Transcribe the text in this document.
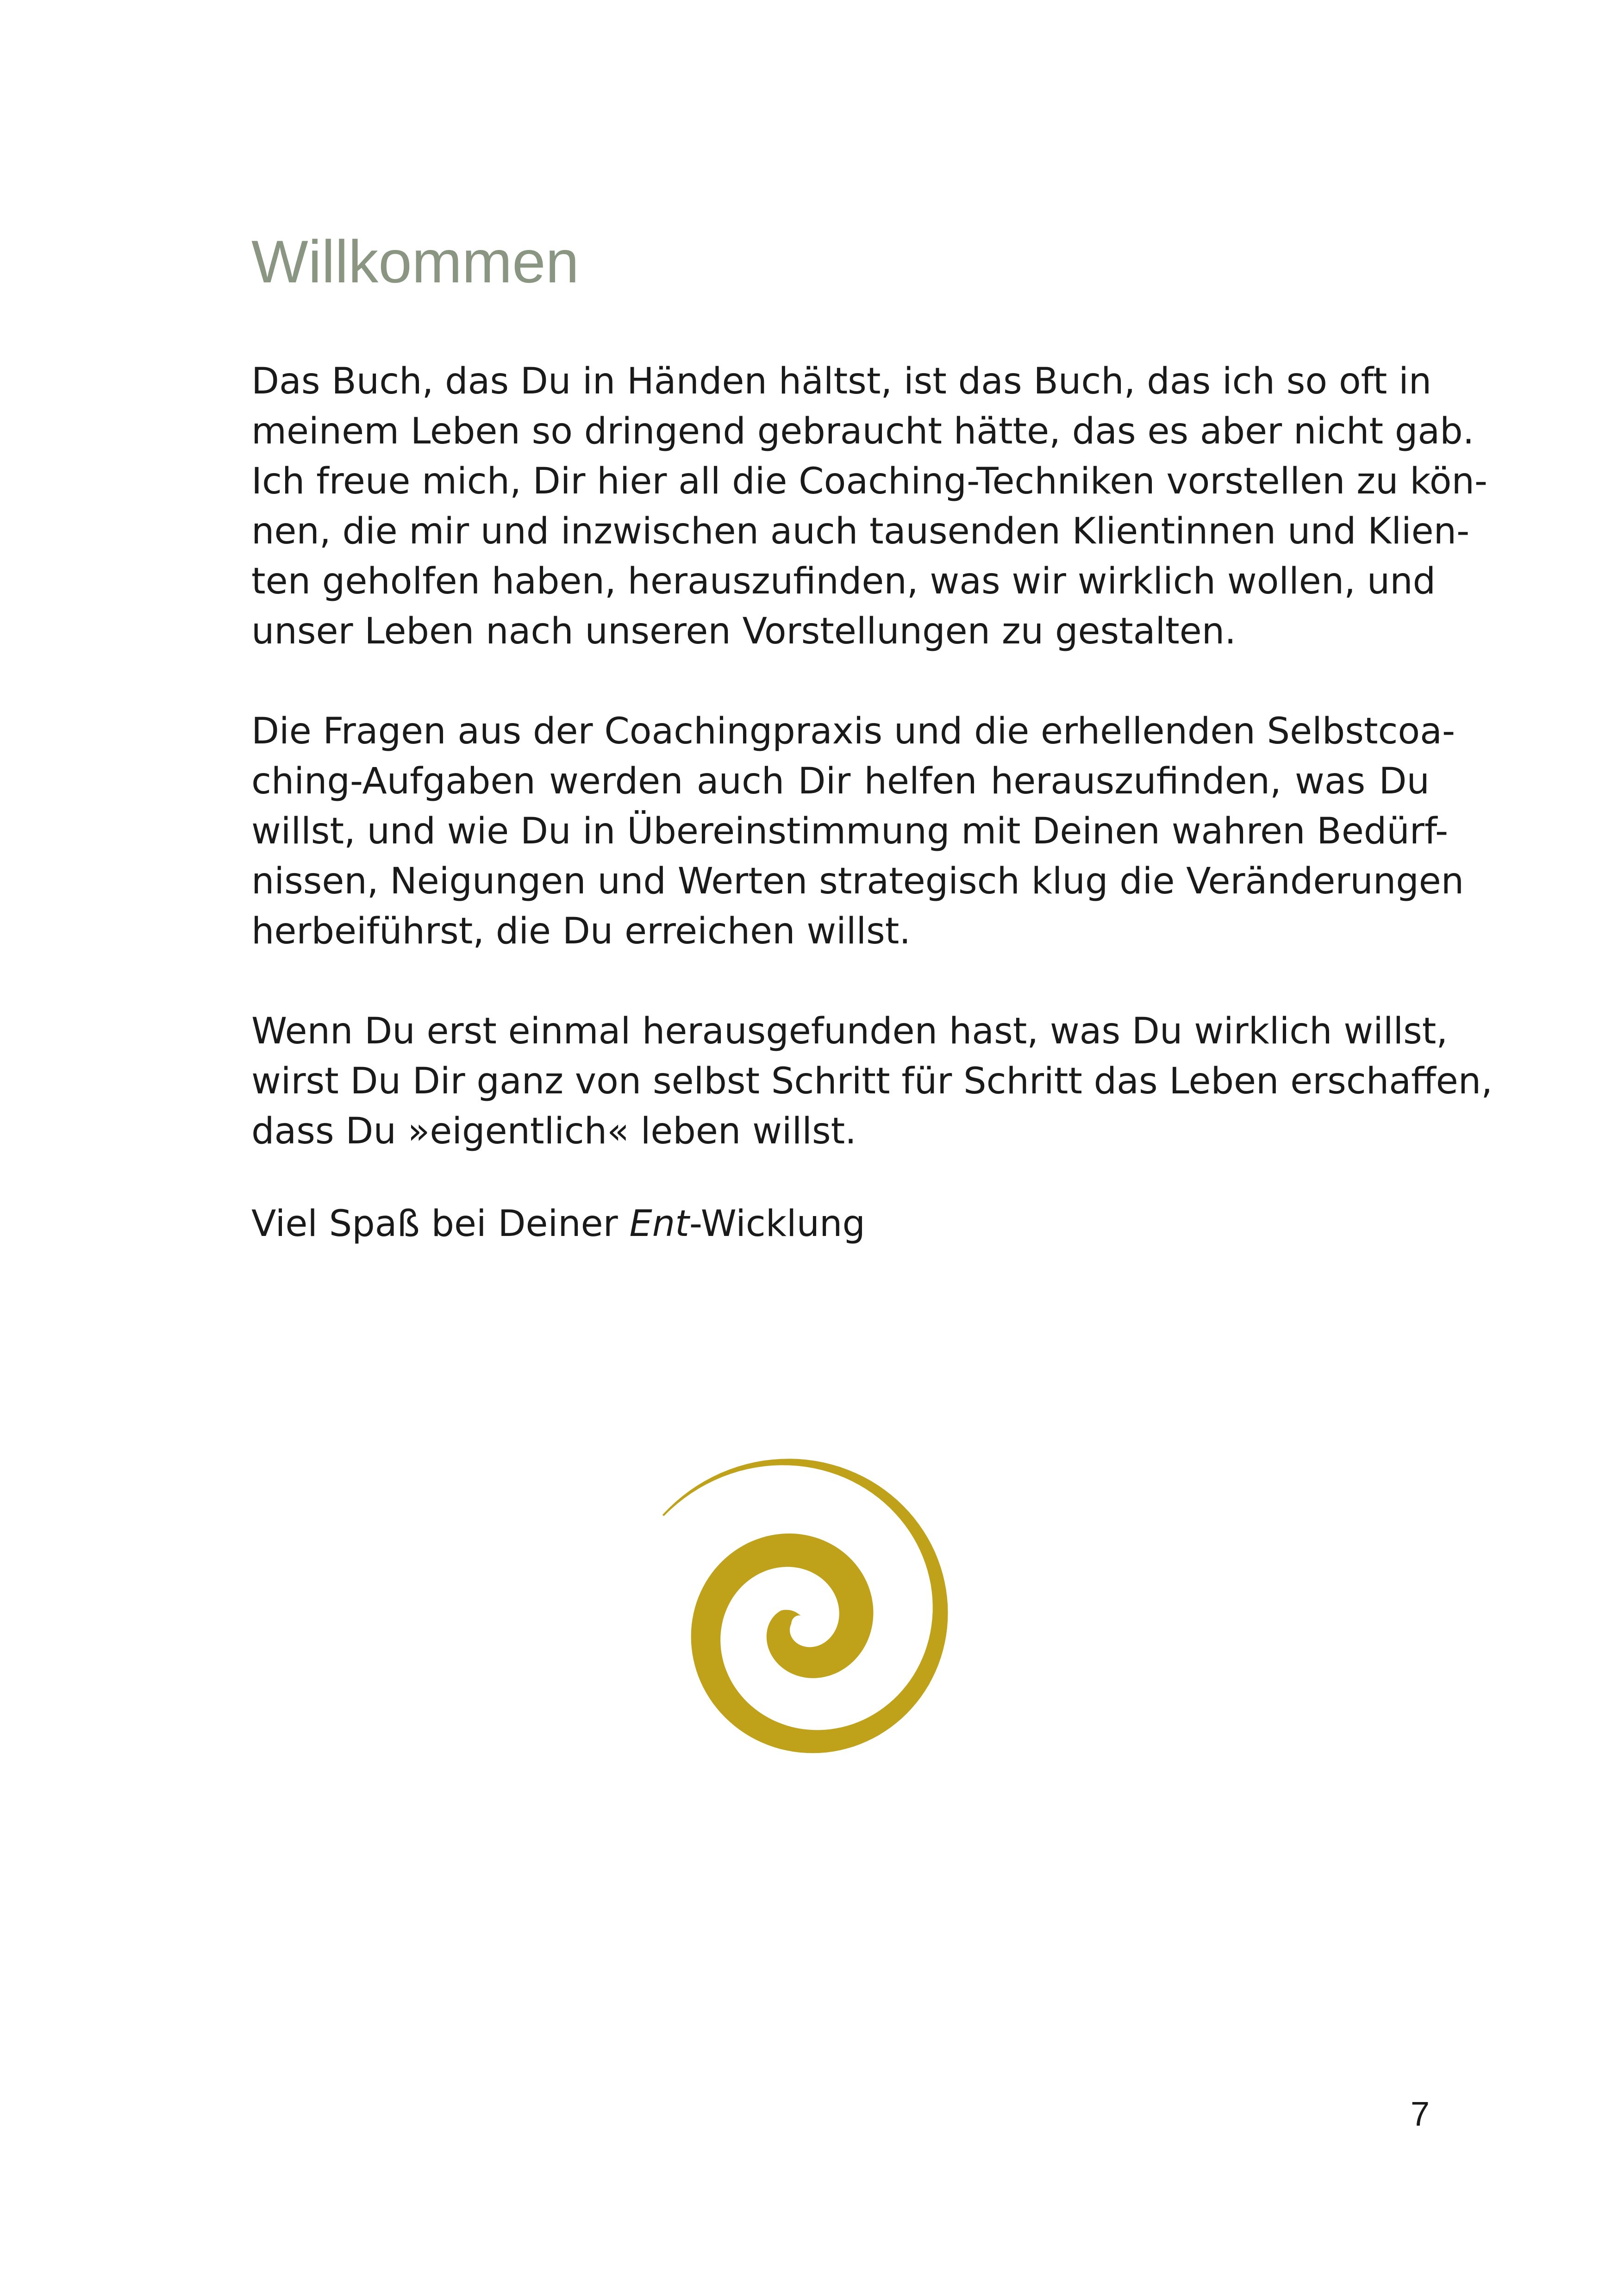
Willkommen

Das Buch, das Du in Händen hältst, ist das Buch, das ich so oft in
meinem Leben so dringend gebraucht hätte, das es aber nicht gab.
Ich freue mich, Dir hier all die Coaching-Techniken vorstellen zu kön-
nen, die mir und inzwischen auch tausenden Klientinnen und Klien-
ten geholfen haben, herauszufinden, was wir wirklich wollen, und
unser Leben nach unseren Vorstellungen zu gestalten.

Die Fragen aus der Coachingpraxis und die erhellenden Selbstcoa-
ching-Aufgaben werden auch Dir helfen herauszufinden, was Du
willst, und wie Du in Übereinstimmung mit Deinen wahren Bedürf-
nissen, Neigungen und Werten strategisch klug die Veränderungen
herbeiführst, die Du erreichen willst.

Wenn Du erst einmal herausgefunden hast, was Du wirklich willst,
wirst Du Dir ganz von selbst Schritt für Schritt das Leben erschaffen,
dass Du »eigentlich« leben willst.

Viel Spaß bei Deiner Ent-Wicklung

7
